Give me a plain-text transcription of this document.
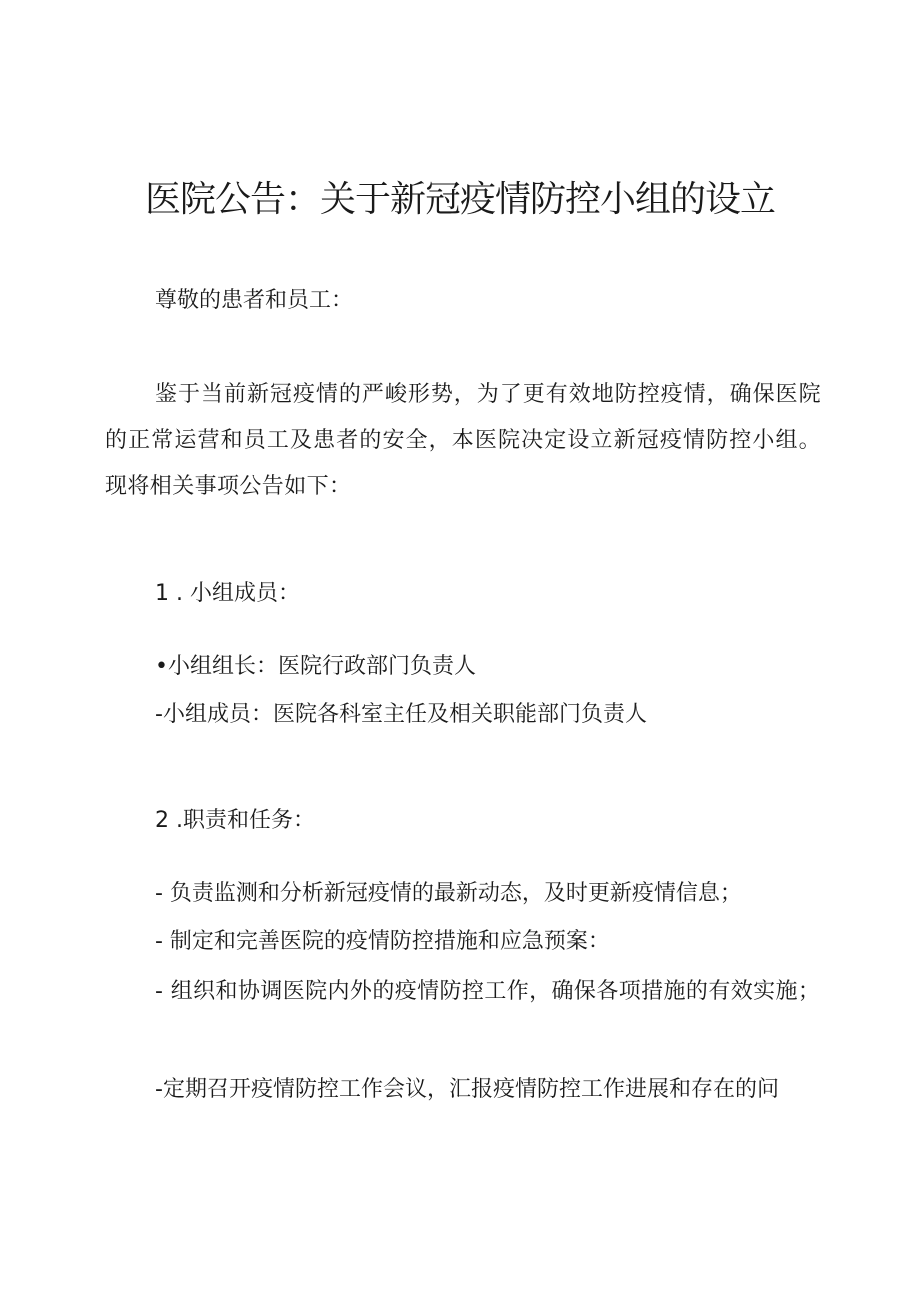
医院公告：关于新冠疫情防控小组的设立

尊敬的患者和员工：

鉴于当前新冠疫情的严峻形势，为了更有效地防控疫情，确保医院的正常运营和员工及患者的安全，本医院决定设立新冠疫情防控小组。现将相关事项公告如下：

1 . 小组成员：

•小组组长：医院行政部门负责人

-小组成员：医院各科室主任及相关职能部门负责人

2 .职责和任务：

- 负责监测和分析新冠疫情的最新动态，及时更新疫情信息；

- 制定和完善医院的疫情防控措施和应急预案：

- 组织和协调医院内外的疫情防控工作，确保各项措施的有效实施；

-定期召开疫情防控工作会议，汇报疫情防控工作进展和存在的问
